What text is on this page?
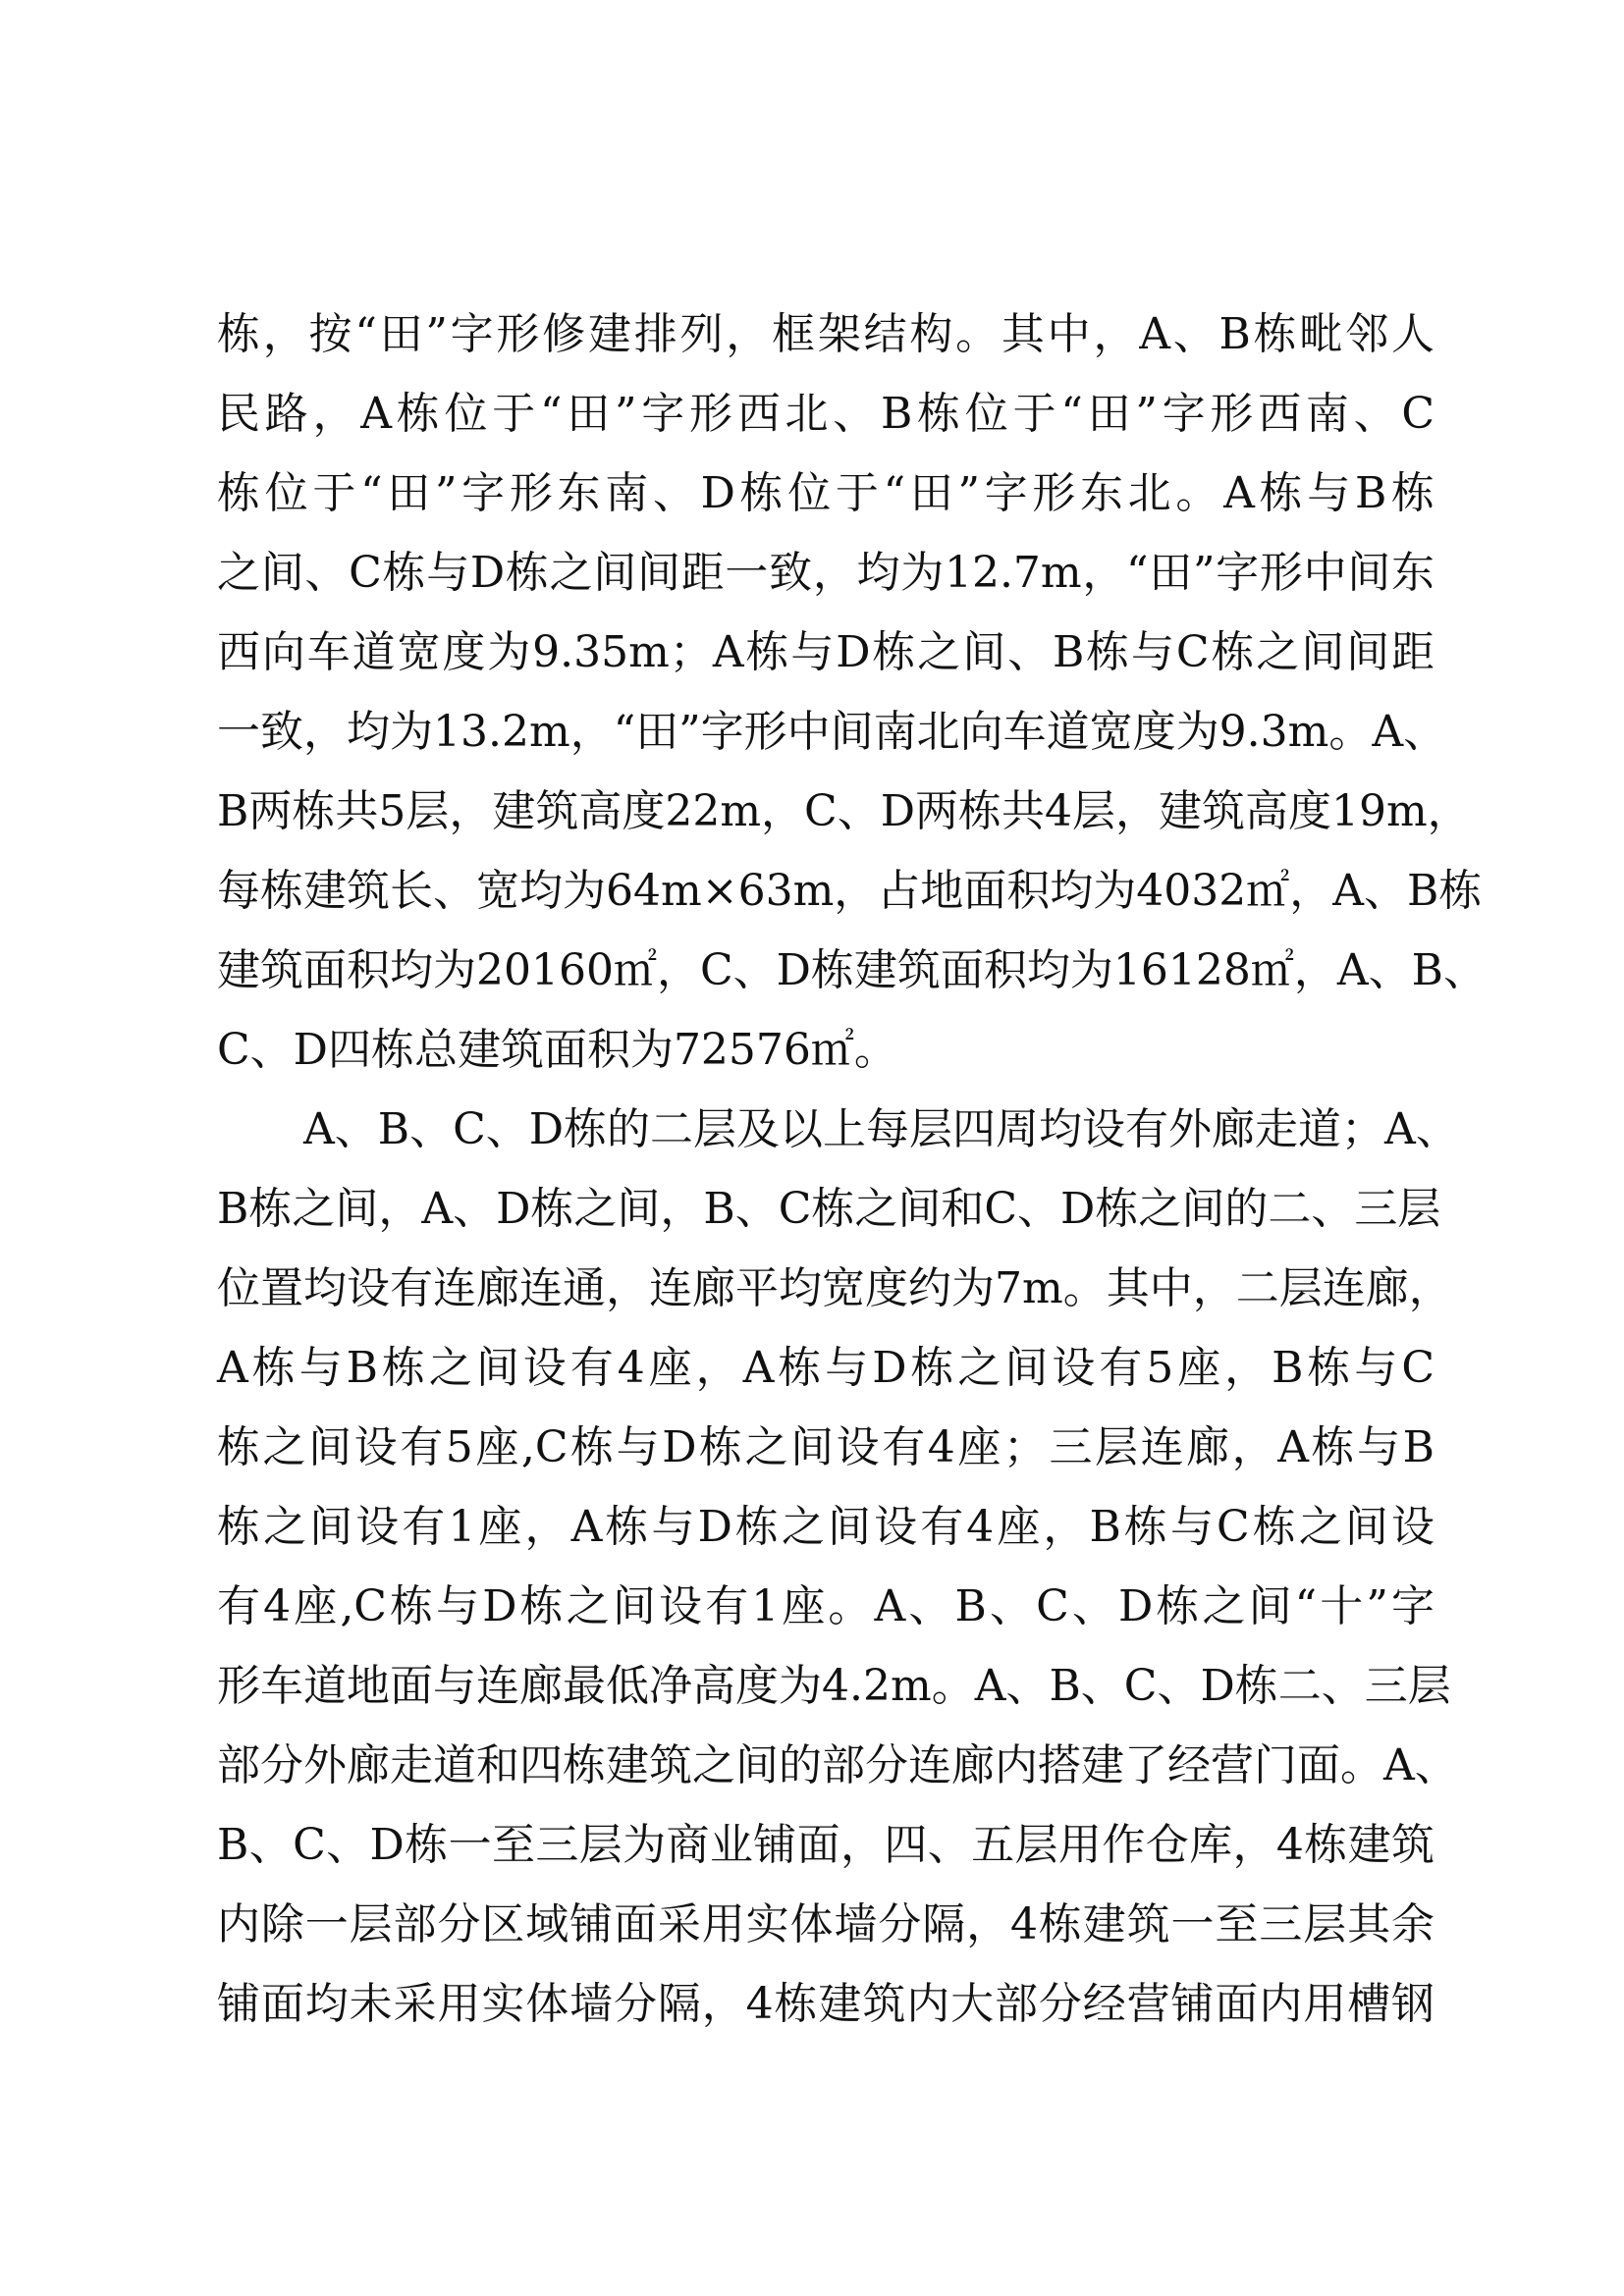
栋，按“田”字形修建排列，框架结构。其中，A、B栋毗邻人
民路，A栋位于“田”字形西北、B栋位于“田”字形西南、C
栋位于“田”字形东南、D栋位于“田”字形东北。A栋与B栋
之间、C栋与D栋之间间距一致，均为12.7m，“田”字形中间东
西向车道宽度为9.35m；A栋与D栋之间、B栋与C栋之间间距
一致，均为13.2m，“田”字形中间南北向车道宽度为9.3m。A、
B两栋共5层，建筑高度22m，C、D两栋共4层，建筑高度19m，
每栋建筑长、宽均为64m×63m，占地面积均为4032㎡，A、B栋
建筑面积均为20160㎡，C、D栋建筑面积均为16128㎡，A、B、
C、D四栋总建筑面积为72576㎡。
A、B、C、D栋的二层及以上每层四周均设有外廊走道；A、
B栋之间，A、D栋之间，B、C栋之间和C、D栋之间的二、三层
位置均设有连廊连通，连廊平均宽度约为7m。其中，二层连廊，
A栋与B栋之间设有4座，A栋与D栋之间设有5座，B栋与C
栋之间设有5座,C栋与D栋之间设有4座；三层连廊，A栋与B
栋之间设有1座，A栋与D栋之间设有4座，B栋与C栋之间设
有4座,C栋与D栋之间设有1座。A、B、C、D栋之间“十”字
形车道地面与连廊最低净高度为4.2m。A、B、C、D栋二、三层
部分外廊走道和四栋建筑之间的部分连廊内搭建了经营门面。A、
B、C、D栋一至三层为商业铺面，四、五层用作仓库，4栋建筑
内除一层部分区域铺面采用实体墙分隔，4栋建筑一至三层其余
铺面均未采用实体墙分隔，4栋建筑内大部分经营铺面内用槽钢
